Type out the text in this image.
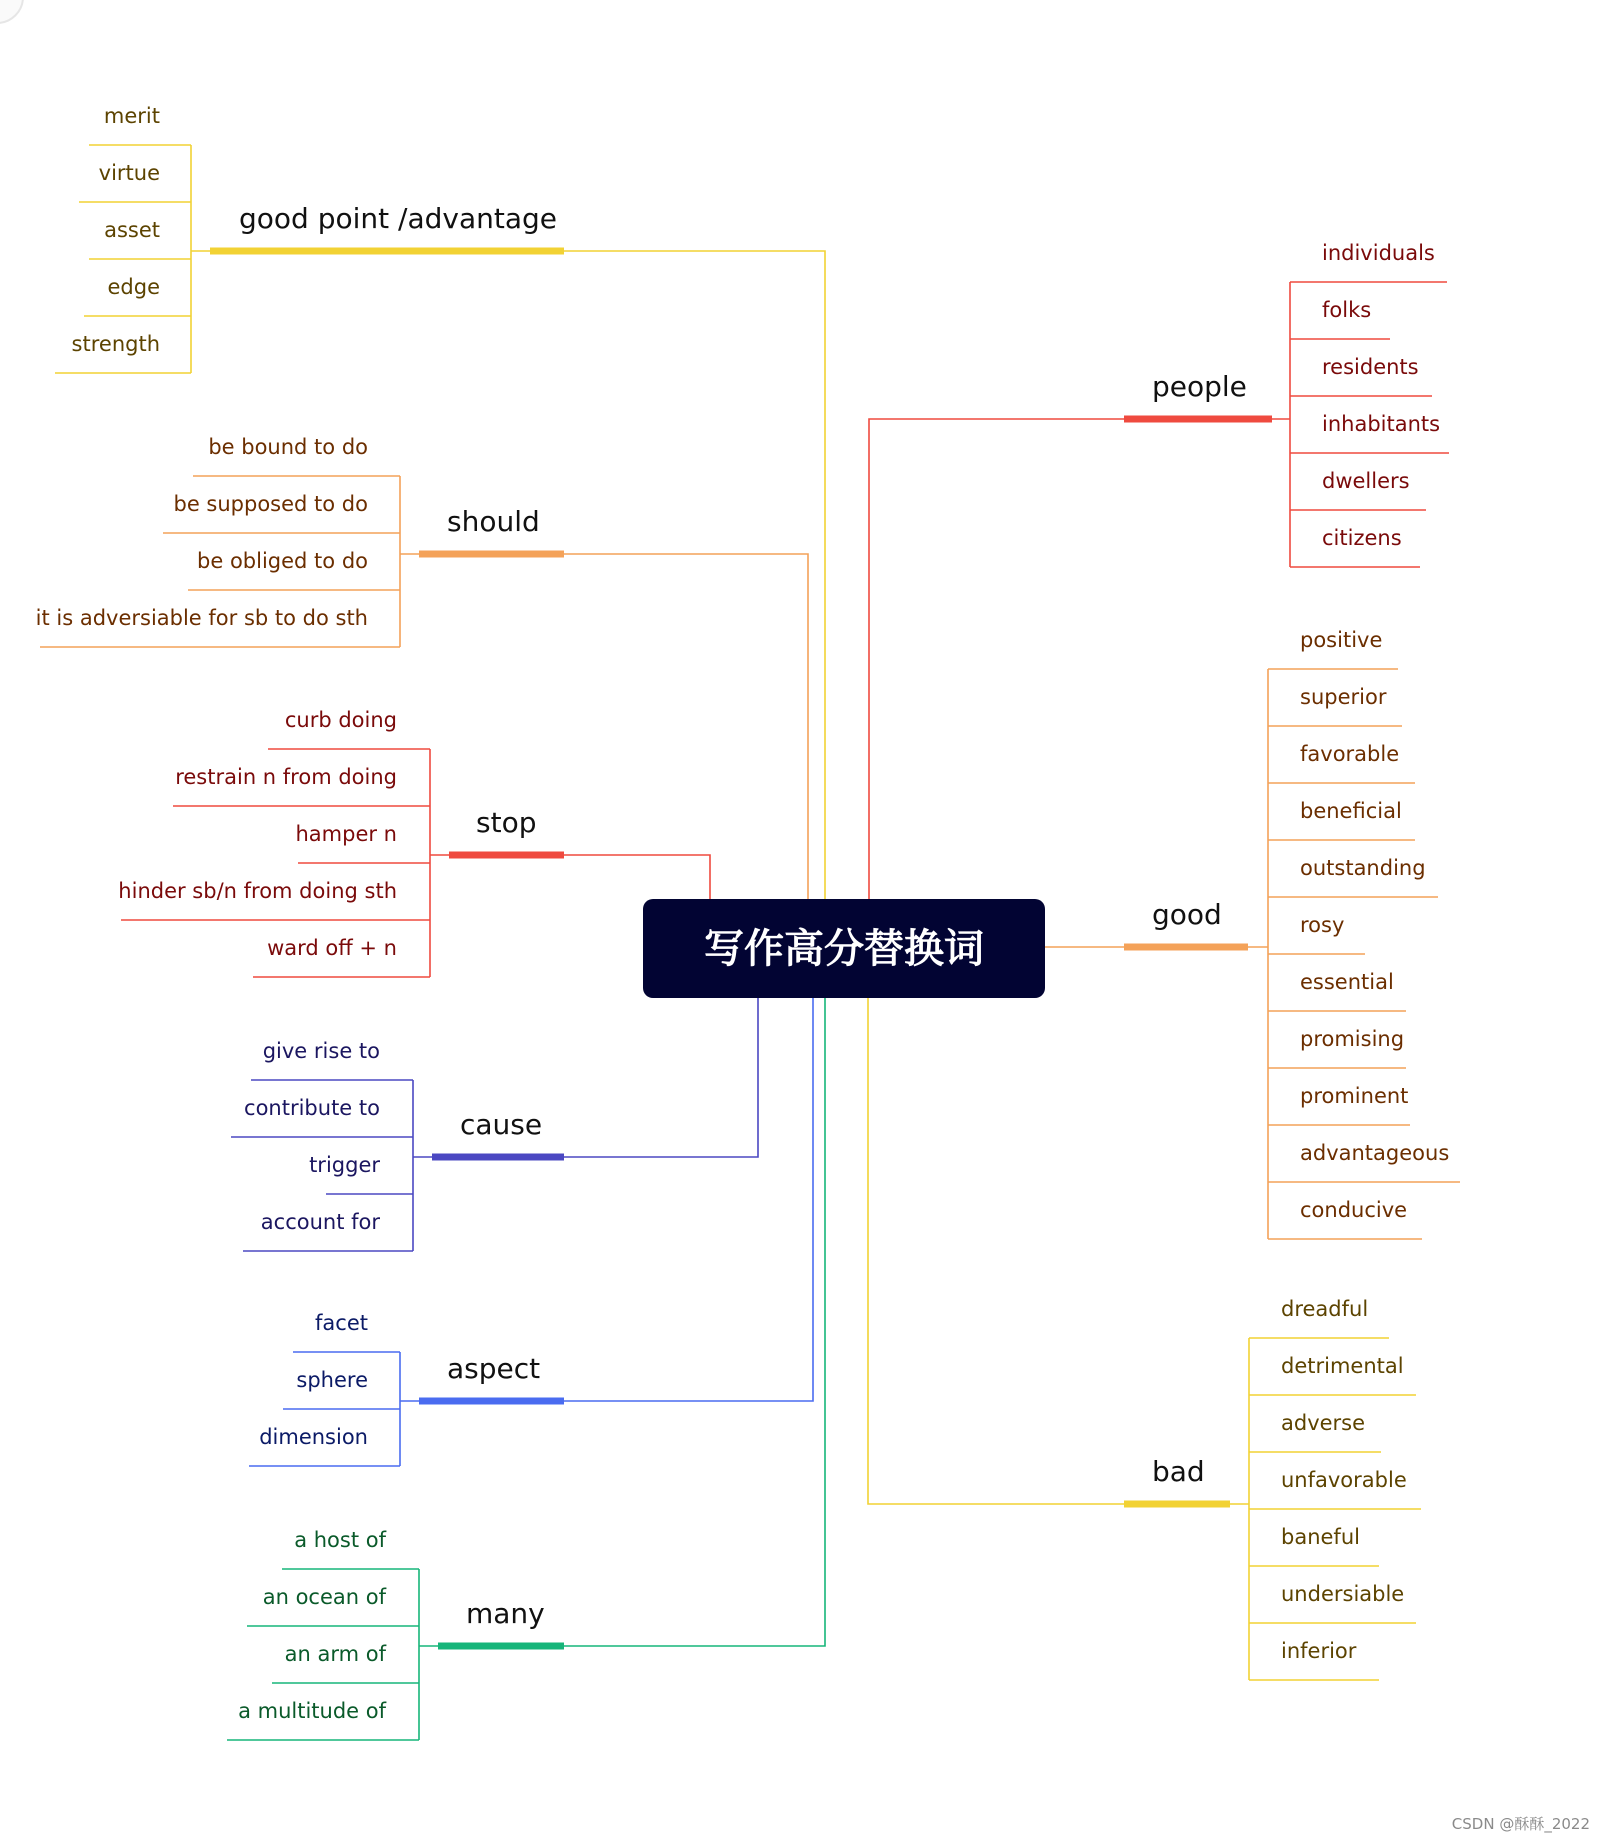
good point /advantage
merit
virtue
asset
edge
strength
should
be bound to do
be supposed to do
be obliged to do
it is adversiable for sb to do sth
stop
curb doing
restrain n from doing
hamper n
hinder sb/n from doing sth
ward off + n
cause
give rise to
contribute to
trigger
account for
aspect
facet
sphere
dimension
many
a host of
an ocean of
an arm of
a multitude of
people
individuals
folks
residents
inhabitants
dwellers
citizens
good
positive
superior
favorable
beneficial
outstanding
rosy
essential
promising
prominent
advantageous
conducive
bad
dreadful
detrimental
adverse
unfavorable
baneful
undersiable
inferior
写作高分替换词
CSDN @酥酥_2022
